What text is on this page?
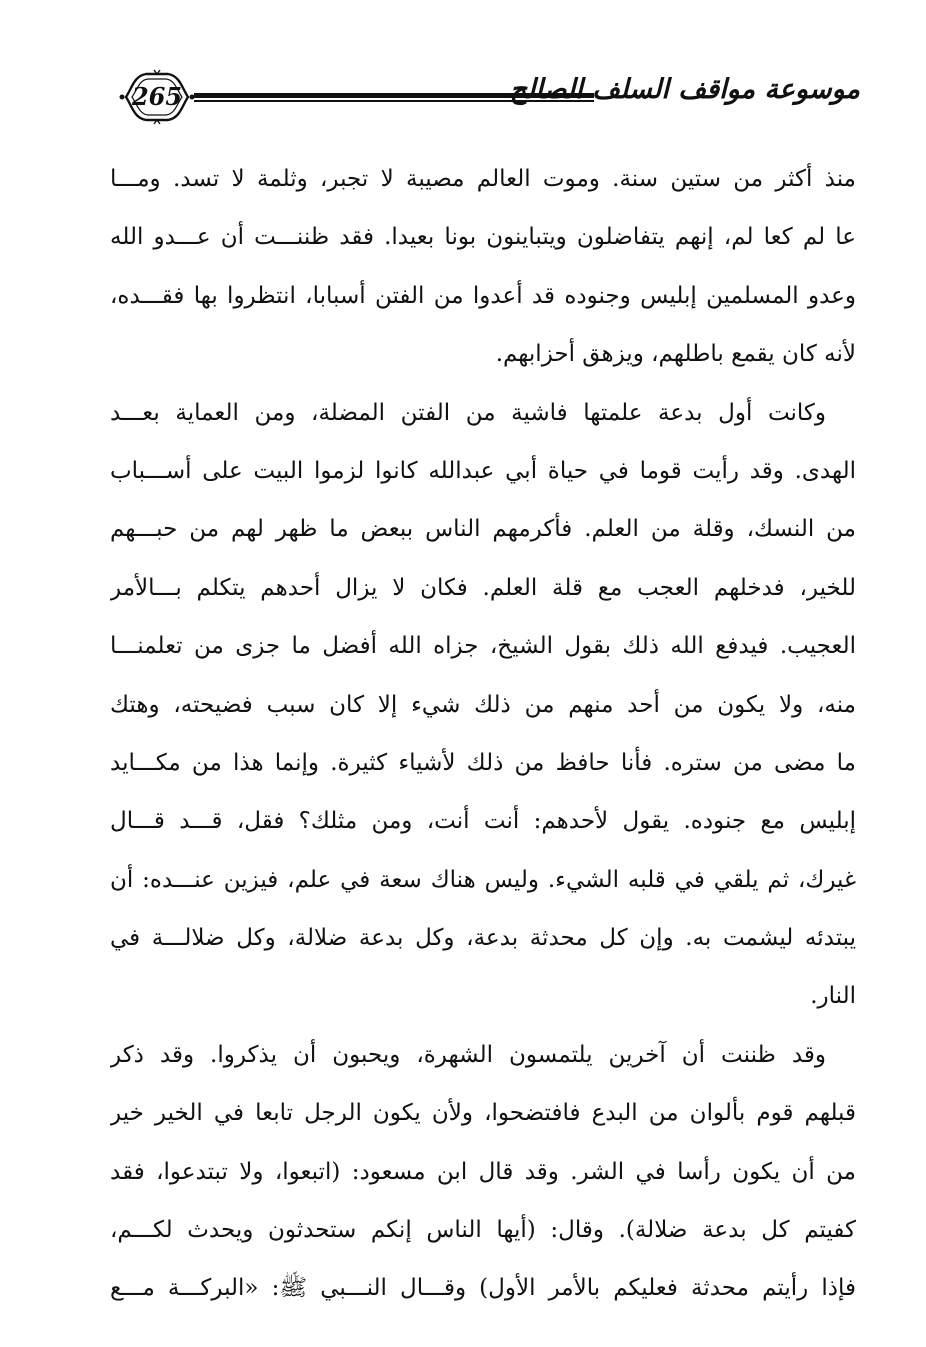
265	موسوعة مواقف السلف الصالح
منذ أكثر من ستين سنة. وموت العالم مصيبة لا تجبر، وثلمة لا تسد. ومـــا
عا لم كعا لم، إنهم يتفاضلون ويتباينون بونا بعيدا. فقد ظننـــت أن عـــدو الله
وعدو المسلمين إبليس وجنوده قد أعدوا من الفتن أسبابا، انتظروا بها فقـــده،
لأنه كان يقمع باطلهم، ويزهق أحزابهم.
وكانت أول بدعة علمتها فاشية من الفتن المضلة، ومن العماية بعـــد
الهدى. وقد رأيت قوما في حياة أبي عبدالله كانوا لزموا البيت على أســـباب
من النسك، وقلة من العلم. فأكرمهم الناس ببعض ما ظهر لهم من حبـــهم
للخير، فدخلهم العجب مع قلة العلم. فكان لا يزال أحدهم يتكلم بـــالأمر
العجيب. فيدفع الله ذلك بقول الشيخ، جزاه الله أفضل ما جزى من تعلمنـــا
منه، ولا يكون من أحد منهم من ذلك شيء إلا كان سبب فضيحته، وهتك
ما مضى من ستره. فأنا حافظ من ذلك لأشياء كثيرة. وإنما هذا من مكـــايد
إبليس مع جنوده. يقول لأحدهم: أنت أنت، ومن مثلك؟ فقل، قـــد قـــال
غيرك، ثم يلقي في قلبه الشيء. وليس هناك سعة في علم، فيزين عنـــده: أن
يبتدئه ليشمت به. وإن كل محدثة بدعة، وكل بدعة ضلالة، وكل ضلالـــة في
النار.
وقد ظننت أن آخرين يلتمسون الشهرة، ويحبون أن يذكروا. وقد ذكر
قبلهم قوم بألوان من البدع فافتضحوا، ولأن يكون الرجل تابعا في الخير خير
من أن يكون رأسا في الشر. وقد قال ابن مسعود: (اتبعوا، ولا تبتدعوا، فقد
كفيتم كل بدعة ضلالة). وقال: (أيها الناس إنكم ستحدثون ويحدث لكـــم،
فإذا رأيتم محدثة فعليكم بالأمر الأول) وقـــال النـــبي ﷺ: «البركـــة مـــع
